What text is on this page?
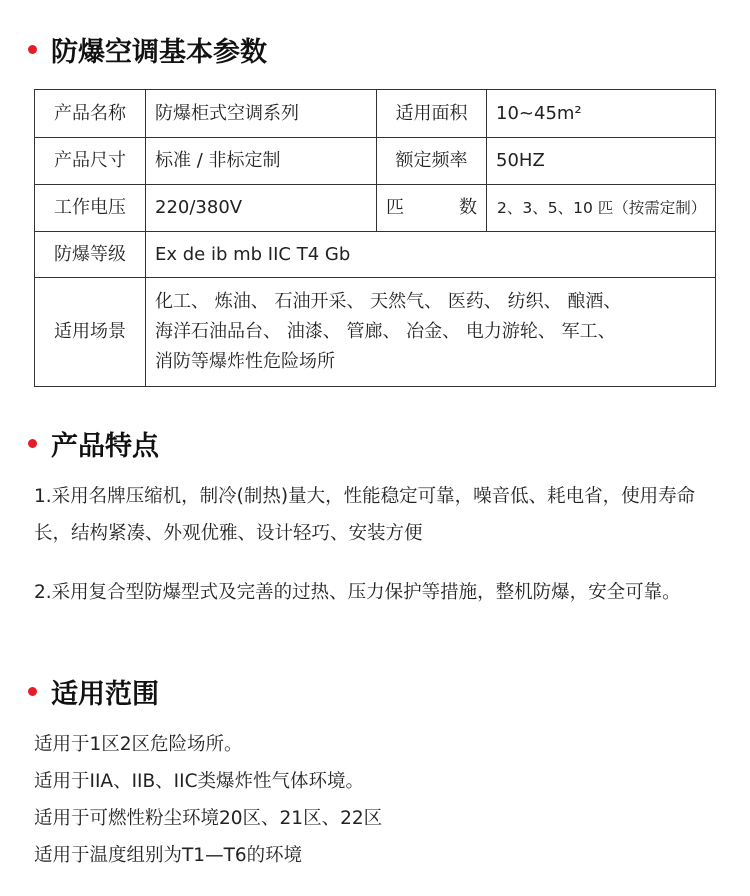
防爆空调基本参数
产品名称	防爆柜式空调系列	适用面积	10~45m²
产品尺寸	标准 / 非标定制	额定频率	50HZ
工作电压	220/380V	匹 数	2、3、5、10 匹（按需定制）
防爆等级	Ex de ib mb IIC T4 Gb		
适用场景	化工、 炼油、 石油开采、 天然气、 医药、 纺织、 酿酒、
海洋石油品台、 油漆、 管廊、 冶金、 电力游轮、 军工、
消防等爆炸性危险场所		
产品特点
1.采用名牌压缩机，制冷(制热)量大，性能稳定可靠，噪音低、耗电省，使用寿命长，结构紧凑、外观优雅、设计轻巧、安装方便
2.采用复合型防爆型式及完善的过热、压力保护等措施，整机防爆，安全可靠。
适用范围
适用于1区2区危险场所。
适用于IIA、IIB、IIC类爆炸性气体环境。
适用于可燃性粉尘环境20区、21区、22区
适用于温度组别为T1—T6的环境
